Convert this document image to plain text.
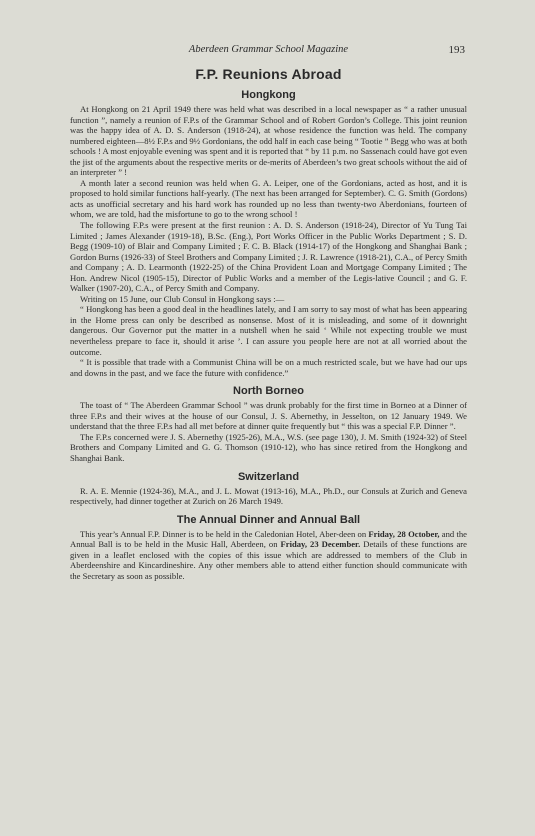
Aberdeen Grammar School Magazine	193
F.P. Reunions Abroad
Hongkong

At Hongkong on 21 April 1949 there was held what was described in a local newspaper as “ a rather unusual function ”, namely a reunion of F.P.s of the Grammar School and of Robert Gordon’s College. This joint reunion was the happy idea of A. D. S. Anderson (1918-24), at whose residence the function was held. The company numbered eighteen—8½ F.P.s and 9½ Gordonians, the odd half in each case being “ Tootie ” Begg who was at both schools ! A most enjoyable evening was spent and it is reported that “ by 11 p.m. no Sassenach could have got even the jist of the arguments about the respective merits or de-merits of Aberdeen’s two great schools without the aid of an interpreter ” !

A month later a second reunion was held when G. A. Leiper, one of the Gordonians, acted as host, and it is proposed to hold similar functions half-yearly. (The next has been arranged for September). C. G. Smith (Gordons) acts as unofficial secretary and his hard work has rounded up no less than twenty-two Aberdonians, fourteen of whom, we are told, had the misfortune to go to the wrong school !

The following F.P.s were present at the first reunion : A. D. S. Anderson (1918-24), Director of Yu Tung Tai Limited ; James Alexander (1919-18), B.Sc. (Eng.), Port Works Officer in the Public Works Department ; S. D. Begg (1909-10) of Blair and Company Limited ; F. C. B. Black (1914-17) of the Hongkong and Shanghai Bank ; Gordon Burns (1926-33) of Steel Brothers and Company Limited ; J. R. Lawrence (1918-21), C.A., of Percy Smith and Company ; A. D. Learmonth (1922-25) of the China Provident Loan and Mortgage Company Limited ; The Hon. Andrew Nicol (1905-15), Director of Public Works and a member of the Legis-lative Council ; and G. F. Walker (1907-20), C.A., of Percy Smith and Company.

Writing on 15 June, our Club Consul in Hongkong says :—

“ Hongkong has been a good deal in the headlines lately, and I am sorry to say most of what has been appearing in the Home press can only be described as nonsense. Most of it is misleading, and some of it downright dangerous. Our Governor put the matter in a nutshell when he said ‘ While not expecting trouble we must nevertheless prepare to face it, should it arise ’. I can assure you people here are not at all worried about the outcome.

“ It is possible that trade with a Communist China will be on a much restricted scale, but we have had our ups and downs in the past, and we face the future with confidence.”

North Borneo

The toast of “ The Aberdeen Grammar School ” was drunk probably for the first time in Borneo at a Dinner of three F.P.s and their wives at the house of our Consul, J. S. Abernethy, in Jesselton, on 12 January 1949. We understand that the three F.P.s had all met before at dinner quite frequently but “ this was a special F.P. Dinner ”.

The F.P.s concerned were J. S. Abernethy (1925-26), M.A., W.S. (see page 130), J. M. Smith (1924-32) of Steel Brothers and Company Limited and G. G. Thomson (1910-12), who has since retired from the Hongkong and Shanghai Bank.

Switzerland

R. A. E. Mennie (1924-36), M.A., and J. L. Mowat (1913-16), M.A., Ph.D., our Consuls at Zurich and Geneva respectively, had dinner together at Zurich on 26 March 1949.

The Annual Dinner and Annual Ball

This year’s Annual F.P. Dinner is to be held in the Caledonian Hotel, Aber-deen on Friday, 28 October, and the Annual Ball is to be held in the Music Hall, Aberdeen, on Friday, 23 December. Details of these functions are given in a leaflet enclosed with the copies of this issue which are addressed to members of the Club in Aberdeenshire and Kincardineshire. Any other members able to attend either function should communicate with the Secretary as soon as possible.
